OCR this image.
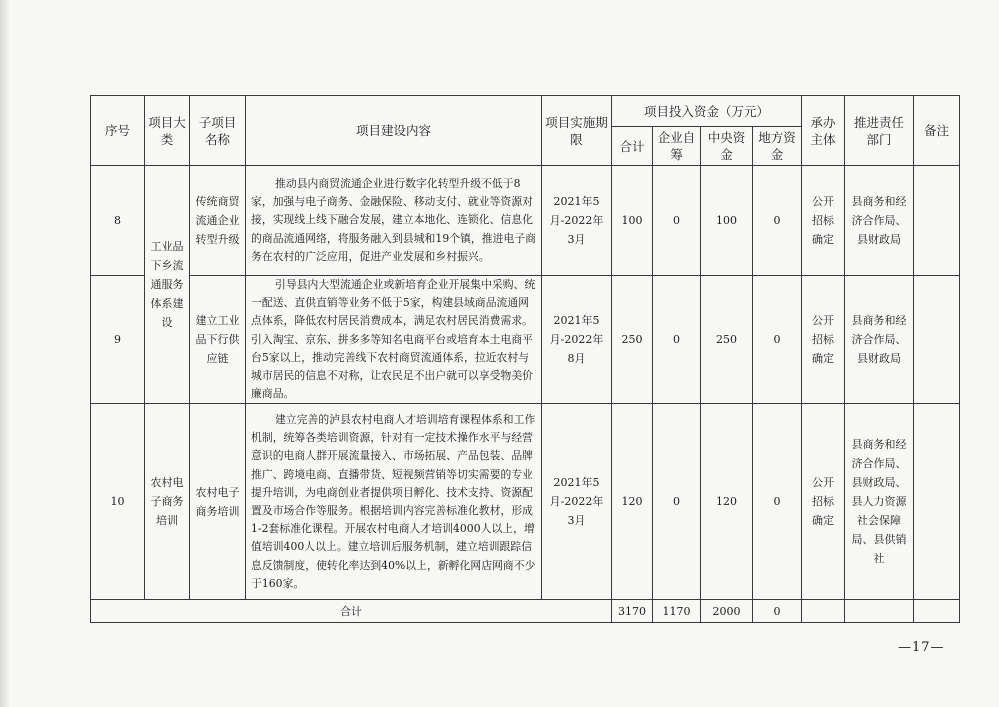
序号	项目大类	子项目名称	项目建设内容	项目实施期限	项目投入资金（万元）				承办主体	推进责任部门	备注
					合计	企业自筹	中央资金	地方资金			
8	工业品下乡流通服务体系建设	传统商贸流通企业转型升级	推动县内商贸流通企业进行数字化转型升级不低于8家，加强与电子商务、金融保险、移动支付、就业等资源对接，实现线上线下融合发展，建立本地化、连锁化、信息化的商品流通网络，将服务融入到县城和19个镇，推进电子商务在农村的广泛应用，促进产业发展和乡村振兴。	2021年5月-2022年3月	100	0	100	0	公开招标确定	县商务和经济合作局、县财政局	
9		建立工业品下行供应链	引导县内大型流通企业或新培育企业开展集中采购、统一配送、直供直销等业务不低于5家，构建县域商品流通网点体系，降低农村居民消费成本，满足农村居民消费需求。引入淘宝、京东、拼多多等知名电商平台或培育本土电商平台5家以上，推动完善线下农村商贸流通体系，拉近农村与城市居民的信息不对称，让农民足不出户就可以享受物美价廉商品。	2021年5月-2022年8月	250	0	250	0	公开招标确定	县商务和经济合作局、县财政局	
10	农村电子商务培训	农村电子商务培训	建立完善的泸县农村电商人才培训培育课程体系和工作机制，统筹各类培训资源，针对有一定技术操作水平与经营意识的电商人群开展流量接入、市场拓展、产品包装、品牌推广、跨境电商、直播带货、短视频营销等切实需要的专业提升培训，为电商创业者提供项目孵化、技术支持、资源配置及市场合作等服务。根据培训内容完善标准化教材，形成1-2套标准化课程。开展农村电商人才培训4000人以上，增值培训400人以上。建立培训后服务机制，建立培训跟踪信息反馈制度，使转化率达到40%以上，新孵化网店网商不少于160家。	2021年5月-2022年3月	120	0	120	0	公开招标确定	县商务和经济合作局、县财政局、县人力资源社会保障局、县供销社	
合计					3170	1170	2000	0			
—17—
